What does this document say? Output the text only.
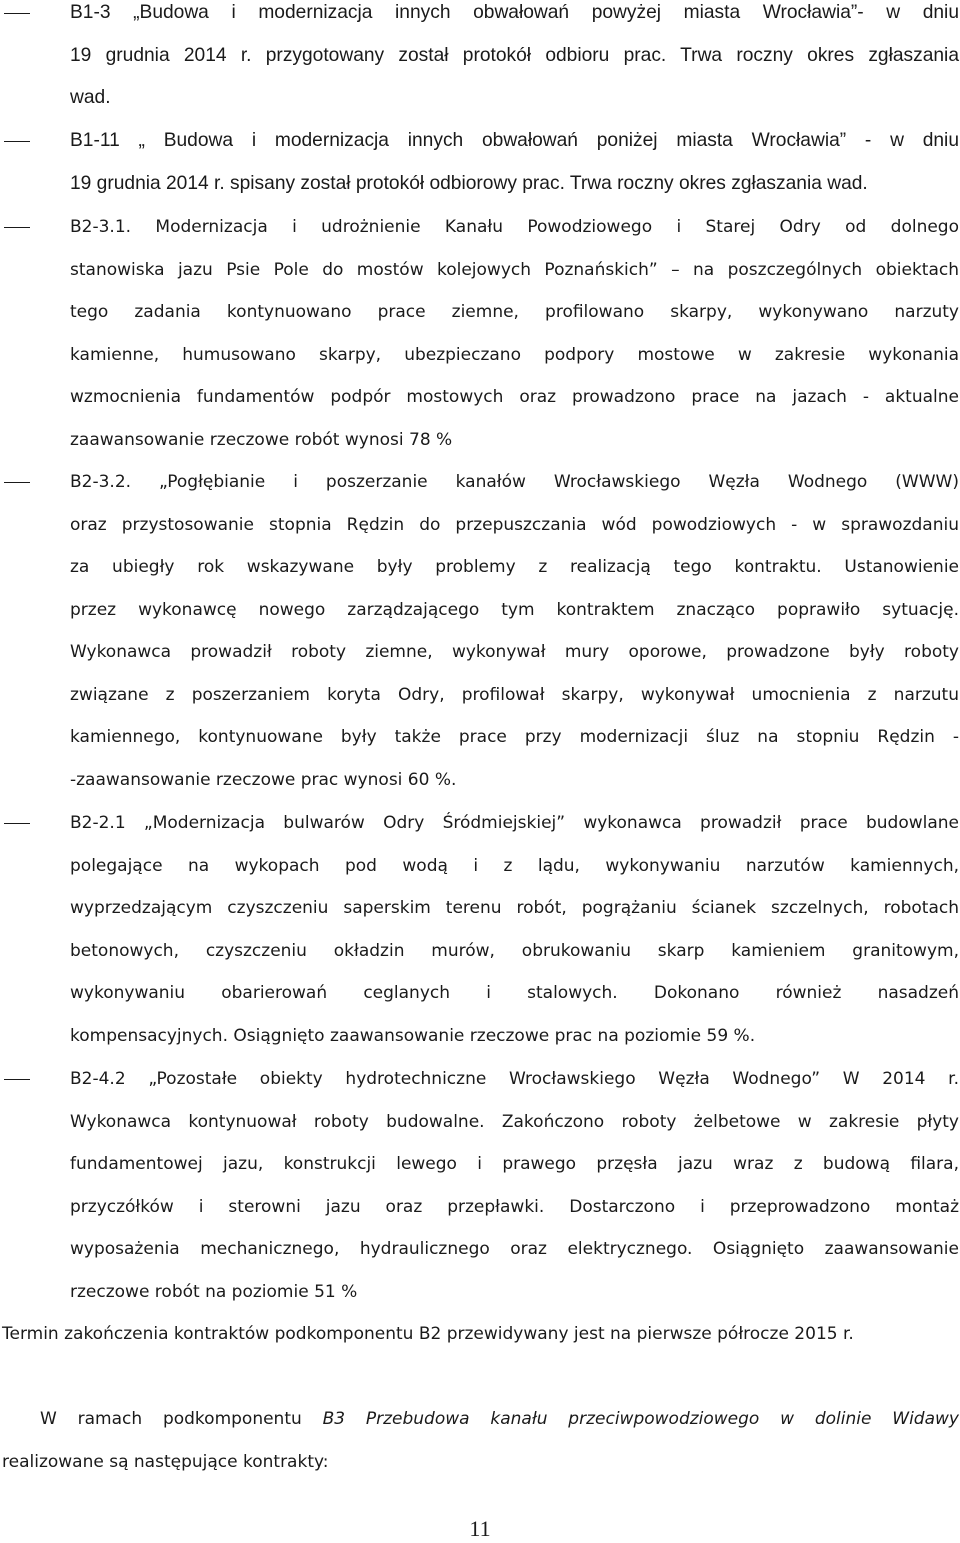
B1-3 „Budowa i modernizacja innych obwałowań powyżej miasta Wrocławia”- w dniu
19 grudnia 2014 r. przygotowany został protokół odbioru prac. Trwa roczny okres zgłaszania
wad.
B1-11 „ Budowa i modernizacja innych obwałowań poniżej miasta Wrocławia” - w dniu
19 grudnia 2014 r. spisany został protokół odbiorowy prac. Trwa roczny okres zgłaszania wad.
B2-3.1. Modernizacja i udrożnienie Kanału Powodziowego i Starej Odry od dolnego
stanowiska jazu Psie Pole do mostów kolejowych Poznańskich” – na poszczególnych obiektach
tego zadania kontynuowano prace ziemne, profilowano skarpy, wykonywano narzuty
kamienne, humusowano skarpy, ubezpieczano podpory mostowe w zakresie wykonania
wzmocnienia fundamentów podpór mostowych oraz prowadzono prace na jazach - aktualne
zaawansowanie rzeczowe robót wynosi 78 %
B2-3.2. „Pogłębianie i poszerzanie kanałów Wrocławskiego Węzła Wodnego (WWW)
oraz przystosowanie stopnia Rędzin do przepuszczania wód powodziowych - w sprawozdaniu
za ubiegły rok wskazywane były problemy z realizacją tego kontraktu. Ustanowienie
przez wykonawcę nowego zarządzającego tym kontraktem znacząco poprawiło sytuację.
Wykonawca prowadził roboty ziemne, wykonywał mury oporowe, prowadzone były roboty
związane z poszerzaniem koryta Odry, profilował skarpy, wykonywał umocnienia z narzutu
kamiennego, kontynuowane były także prace przy modernizacji śluz na stopniu Rędzin -
-zaawansowanie rzeczowe prac wynosi 60 %.
B2-2.1 „Modernizacja bulwarów Odry Śródmiejskiej” wykonawca prowadził prace budowlane
polegające na wykopach pod wodą i z lądu, wykonywaniu narzutów kamiennych,
wyprzedzającym czyszczeniu saperskim terenu robót, pogrążaniu ścianek szczelnych, robotach
betonowych, czyszczeniu okładzin murów, obrukowaniu skarp kamieniem granitowym,
wykonywaniu obarierowań ceglanych i stalowych. Dokonano również nasadzeń
kompensacyjnych. Osiągnięto zaawansowanie rzeczowe prac na poziomie 59 %.
B2-4.2 „Pozostałe obiekty hydrotechniczne Wrocławskiego Węzła Wodnego” W 2014 r.
Wykonawca kontynuował roboty budowalne. Zakończono roboty żelbetowe w zakresie płyty
fundamentowej jazu, konstrukcji lewego i prawego przęsła jazu wraz z budową filara,
przyczółków i sterowni jazu oraz przepławki. Dostarczono i przeprowadzono montaż
wyposażenia mechanicznego, hydraulicznego oraz elektrycznego. Osiągnięto zaawansowanie
rzeczowe robót na poziomie 51 %
Termin zakończenia kontraktów podkomponentu B2 przewidywany jest na pierwsze półrocze 2015 r.
W ramach podkomponentu B3 Przebudowa kanału przeciwpowodziowego w dolinie Widawy
realizowane są następujące kontrakty:
11
